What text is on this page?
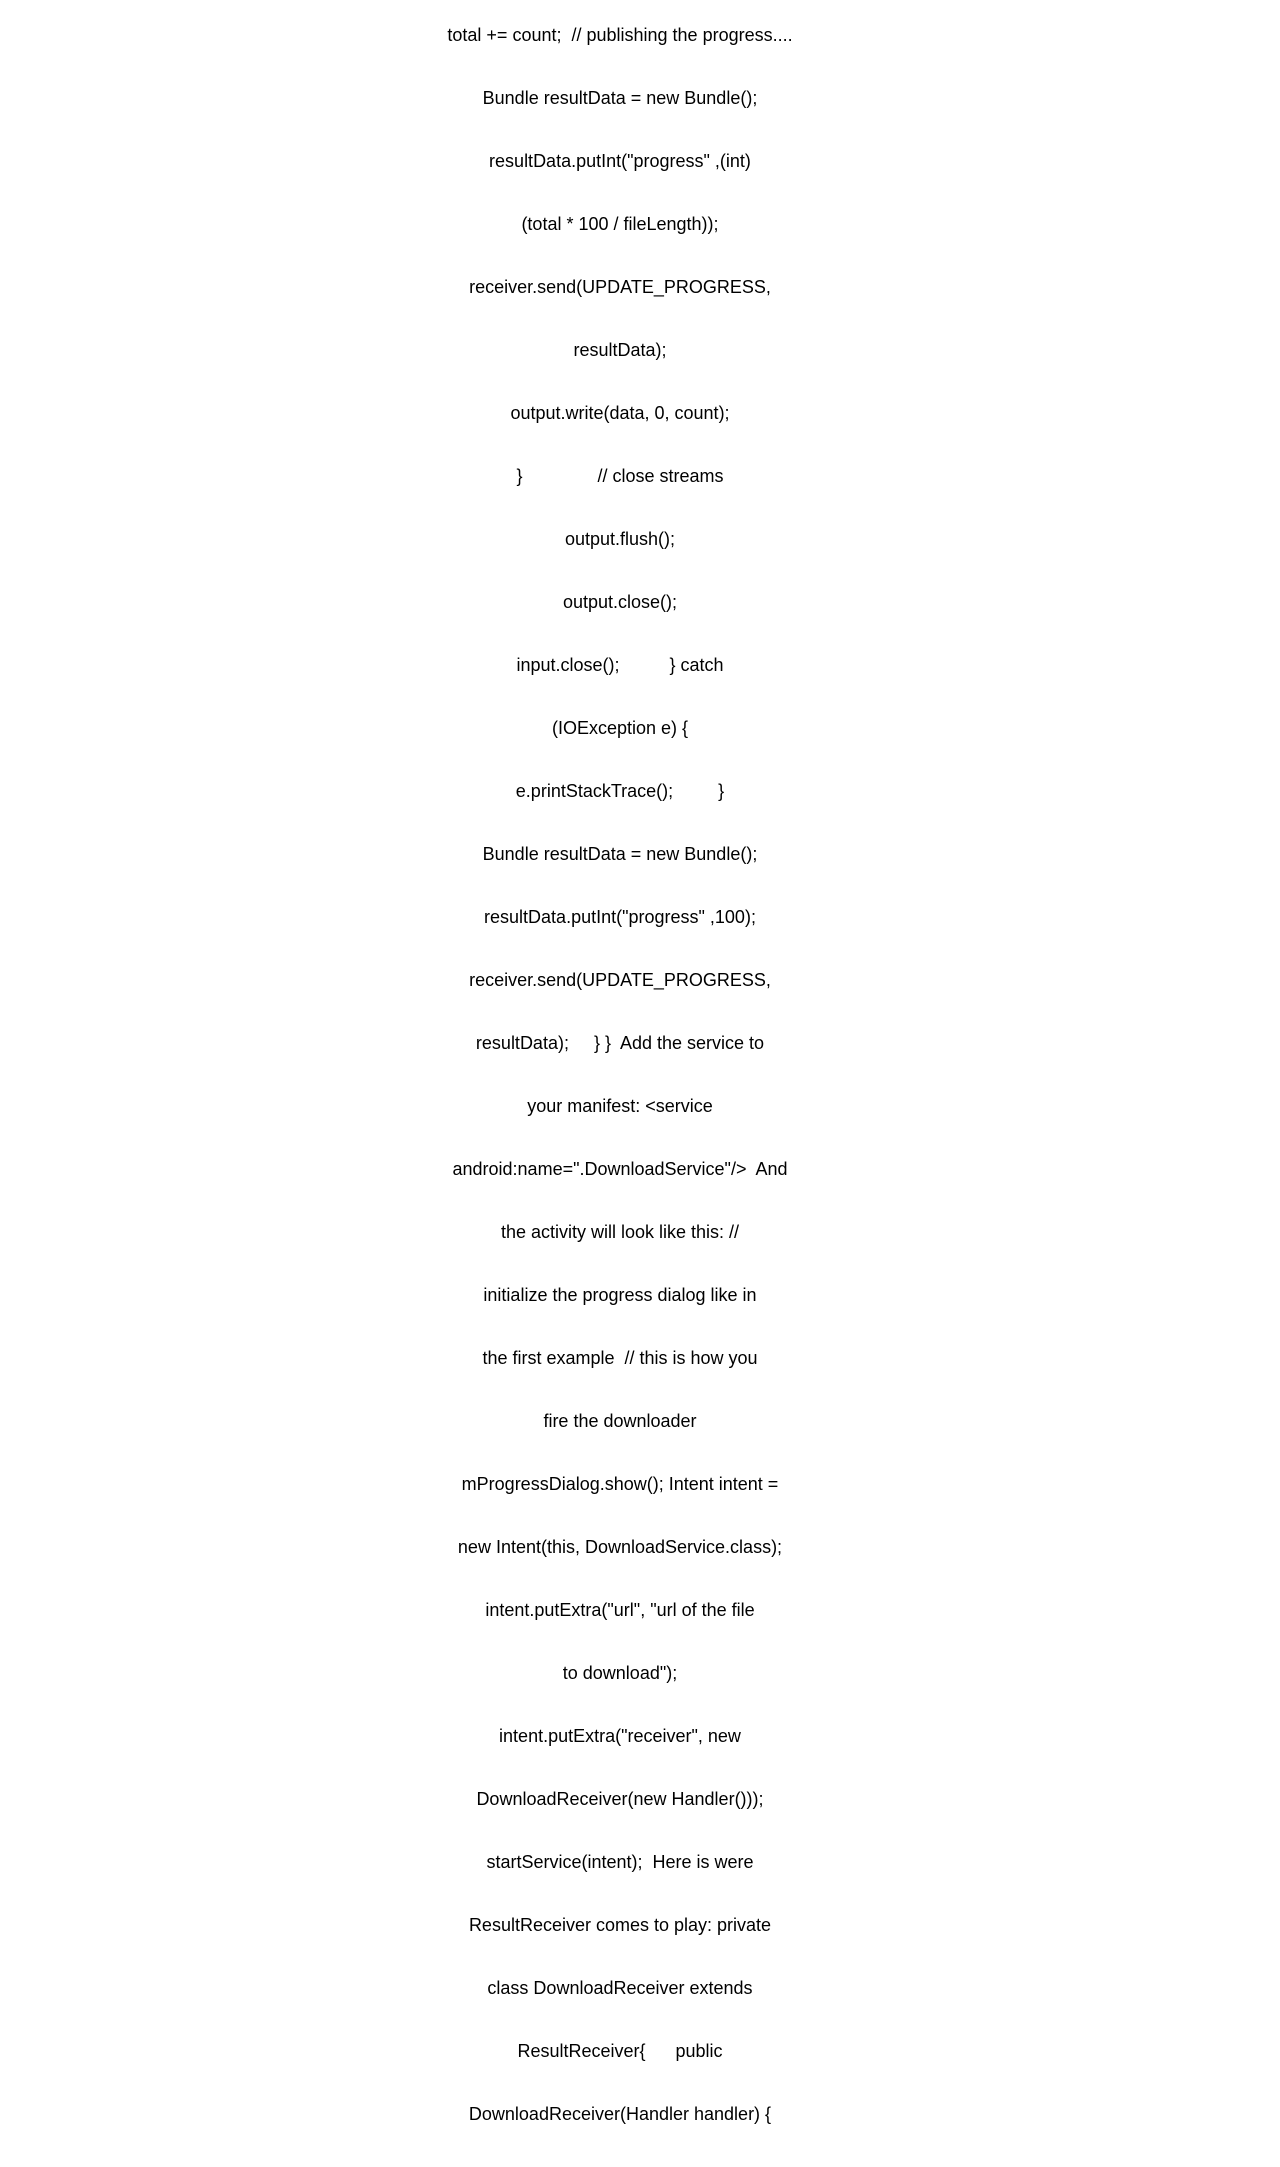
total += count;  // publishing the progress....

Bundle resultData = new Bundle();

resultData.putInt("progress" ,(int)

(total * 100 / fileLength));

receiver.send(UPDATE_PROGRESS,

resultData);

output.write(data, 0, count);

}               // close streams

output.flush();

output.close();

input.close();          } catch

(IOException e) {

e.printStackTrace();         }

Bundle resultData = new Bundle();

resultData.putInt("progress" ,100);

receiver.send(UPDATE_PROGRESS,

resultData);     } }  Add the service to

your manifest: <service

android:name=".DownloadService"/>  And

the activity will look like this: //

initialize the progress dialog like in

the first example  // this is how you

fire the downloader

mProgressDialog.show(); Intent intent =

new Intent(this, DownloadService.class);

intent.putExtra("url", "url of the file

to download");

intent.putExtra("receiver", new

DownloadReceiver(new Handler()));

startService(intent);  Here is were

ResultReceiver comes to play: private

class DownloadReceiver extends

ResultReceiver{      public

DownloadReceiver(Handler handler) {
